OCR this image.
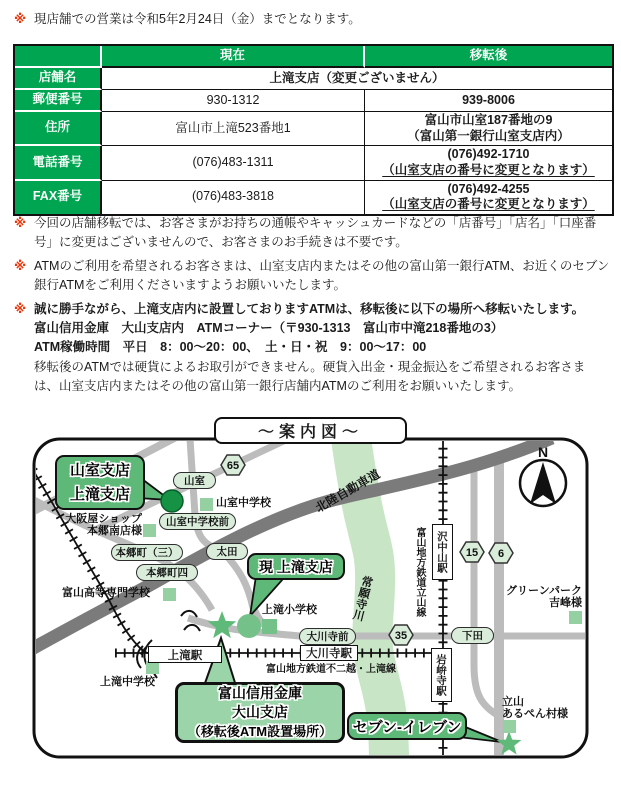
※ 現店舗での営業は令和5年2月24日（金）までとなります。
	現在	移転後
店舗名	上滝支店（変更ございません）	
郵便番号	930-1312	939-8006
住所	富山市上滝523番地1	富山市山室187番地の9
（富山第一銀行山室支店内）

電話番号	(076)483-1311	(076)492-1710
（山室支店の番号に変更となります）

FAX番号	(076)483-3818	(076)492-4255
（山室支店の番号に変更となります）
※ 今回の店舗移転では、お客さまがお持ちの通帳やキャッシュカードなどの「店番号」「店名」「口座番号」に変更はございませんので、お客さまのお手続きは不要です。
※ ATMのご利用を希望されるお客さまは、山室支店内またはその他の富山第一銀行ATM、お近くのセブン銀行ATMをご利用くださいますようお願いいたします。
※ 誠に勝手ながら、上滝支店内に設置しておりますATMは、移転後に以下の場所へ移転いたします。
富山信用金庫　大山支店内　ATMコーナー（〒930-1313　富山市中滝218番地の3）
ATM稼働時間　平日　8：00～20：00、　土・日・祝　9：00～17：00
移転後のATMでは硬貨によるお取引ができません。硬貨入出金・現金振込をご希望されるお客さまは、山室支店内またはその他の富山第一銀行店舗内ATMのご利用をお願いいたします。
65
15 6
35
N
～案内図～
山室支店
上滝支店
現 上滝支店
富山信用金庫
大山支店
（移転後ATM設置場所）	セブン-イレブン
山室
山室中学校前
本郷町（三）
本郷町四
太田
大川寺前	下田
上滝駅	大川寺駅
沢中山駅
岩峅寺駅
山室中学校
大阪屋ショップ
本郷南店様
富山高等専門学校
上滝小学校
上滝中学校
グリーンパーク
吉峰様
立山
あるぺん村様
富山地方鉄道不二越・上滝線
北陸自動車道
富山地方鉄道立山線
常願寺川
